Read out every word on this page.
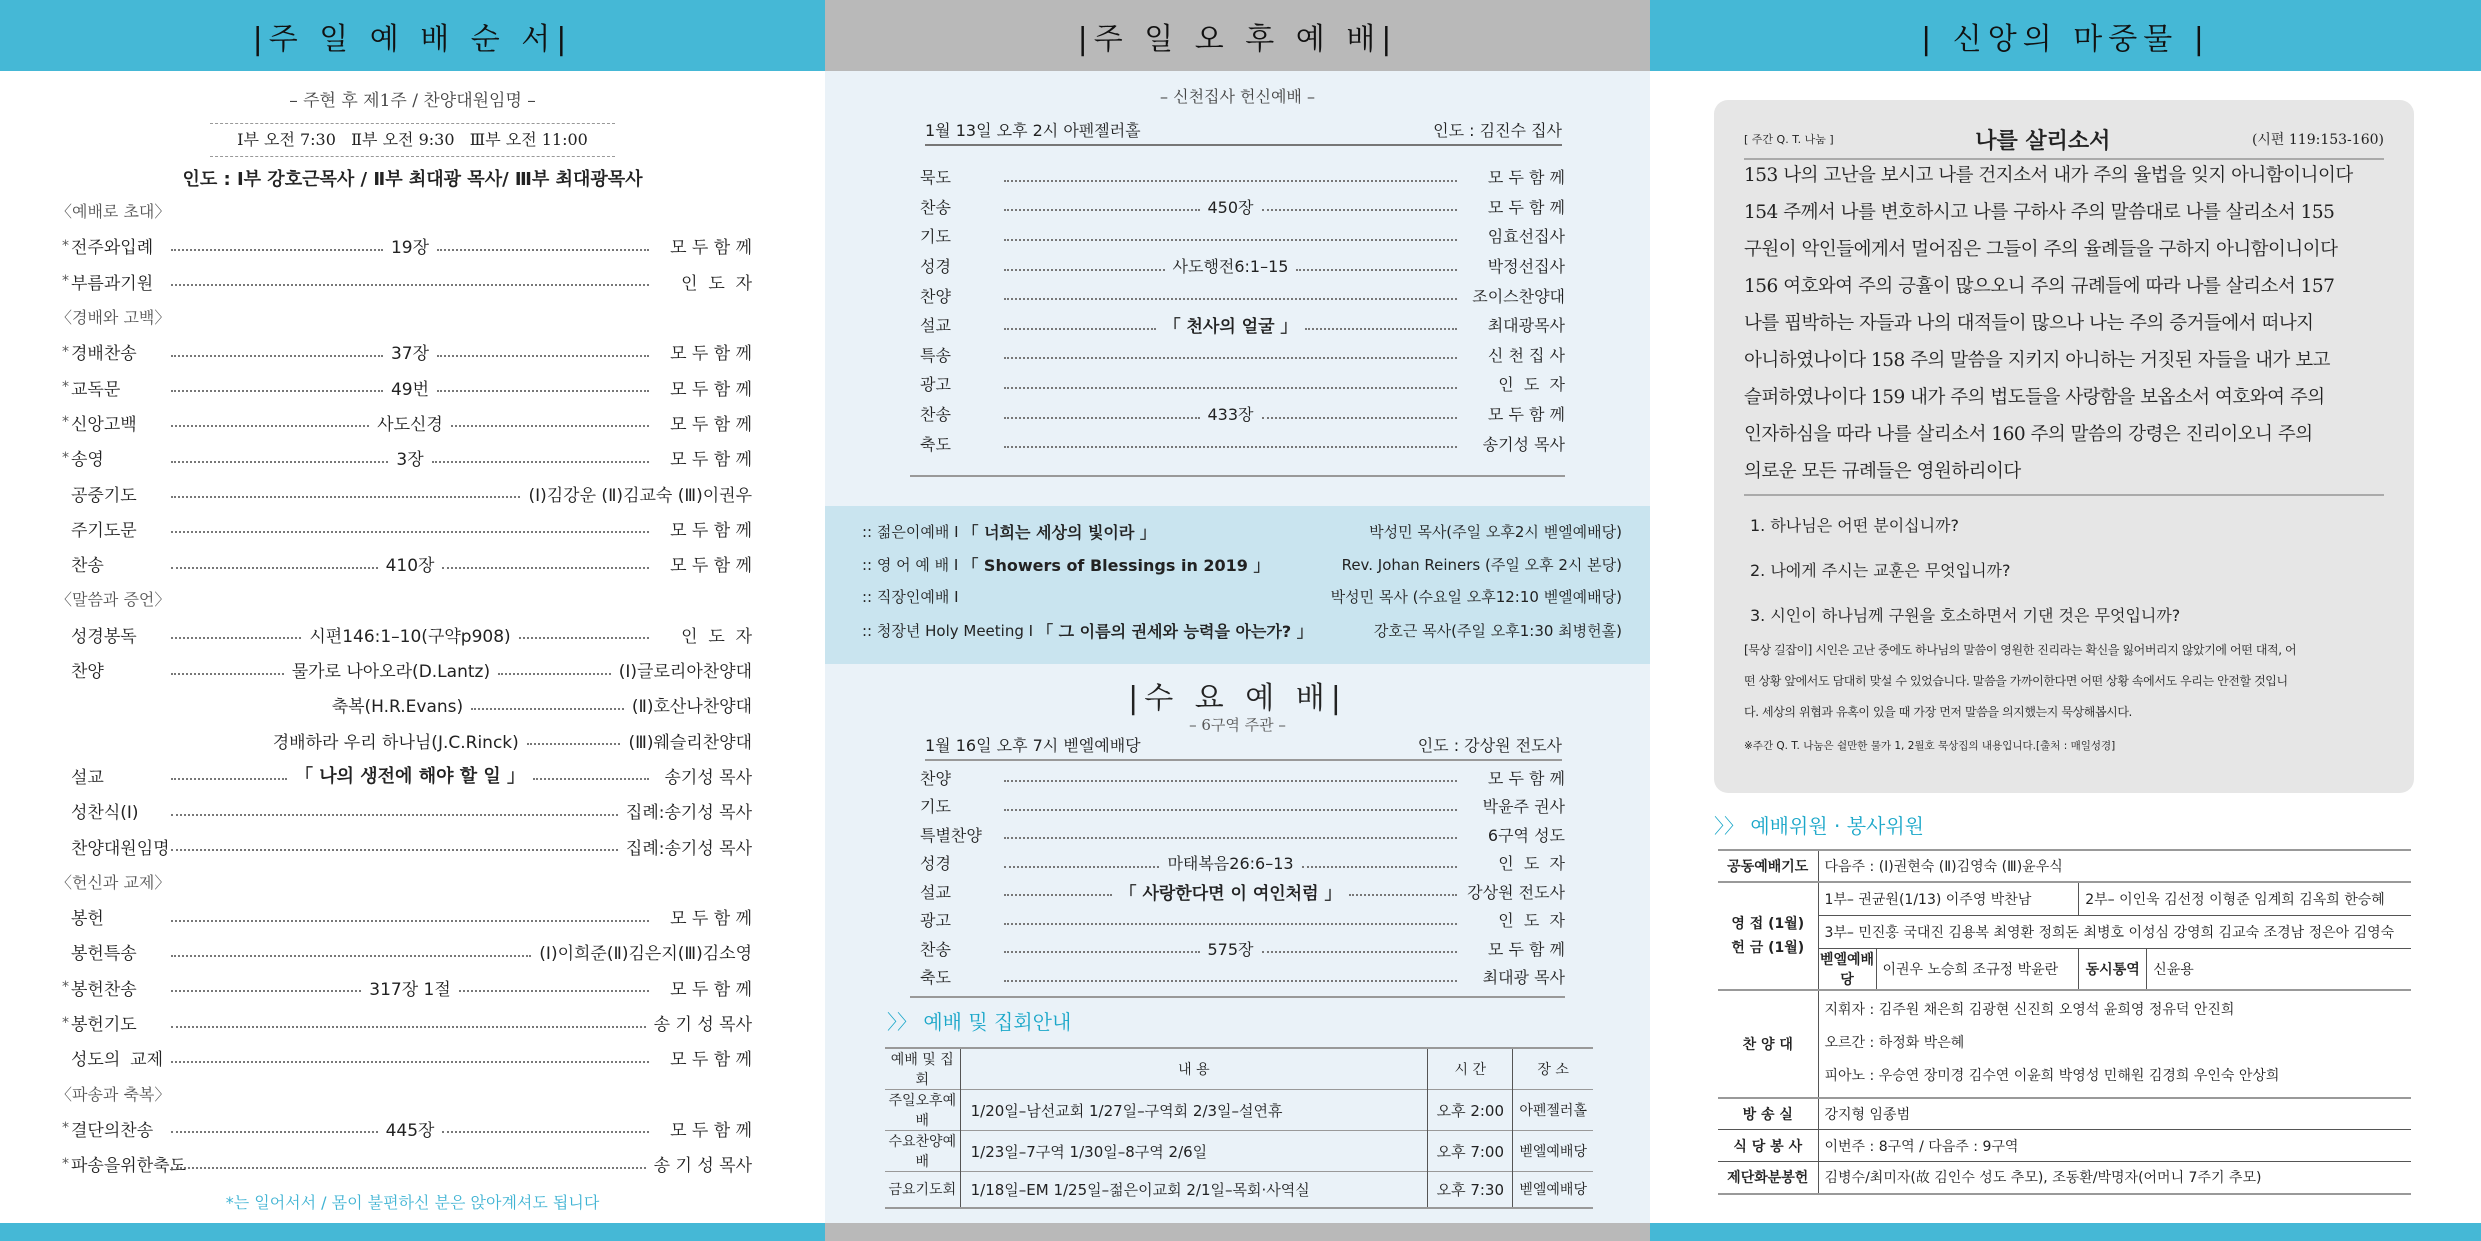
|주 일 예 배 순 서|
– 주현 후 제1주 / 찬양대원임명 –
Ⅰ부 오전 7:30   Ⅱ부 오전 9:30   Ⅲ부 오전 11:00
인도 : Ⅰ부 강호근목사 / Ⅱ부 최대광 목사/ Ⅲ부 최대광목사
〈예배로 초대〉
* 전주와입례	19장	모 두 함 께
* 부름과기원	인  도  자
〈경배와 고백〉
* 경배찬송	37장	모 두 함 께
* 교독문	49번	모 두 함 께
* 신앙고백	사도신경	모 두 함 께
* 송영	3장	모 두 함 께
공중기도	(Ⅰ)김강운 (Ⅱ)김교숙 (Ⅲ)이권우
주기도문	모 두 함 께
찬송	410장	모 두 함 께
〈말씀과 증언〉
성경봉독	시편146:1–10(구약p908)	인  도  자
찬양	물가로 나아오라(D.Lantz)	(Ⅰ)글로리아찬양대
축복(H.R.Evans)	(Ⅱ)호산나찬양대
경배하라 우리 하나님(J.C.Rinck)	(Ⅲ)웨슬리찬양대
설교	「 나의 생전에 해야 할 일 」	송기성 목사
성찬식(I)	집례:송기성 목사
찬양대원임명	집례:송기성 목사
〈헌신과 교제〉
봉헌	모 두 함 께
봉헌특송	(Ⅰ)이희준(Ⅱ)김은지(Ⅲ)김소영
* 봉헌찬송	317장 1절	모 두 함 께
* 봉헌기도	송 기 성 목사
성도의 교제	모 두 함 께
〈파송과 축복〉
* 결단의찬송	445장	모 두 함 께
* 파송을위한축도	송 기 성 목사
*는 일어서서 / 몸이 불편하신 분은 앉아계셔도 됩니다
|주 일 오 후 예 배|
– 신천집사 헌신예배 –
1월 13일 오후 2시 아펜젤러홀	인도 : 김진수 집사
묵도	모 두 함 께
찬송	450장	모 두 함 께
기도	임효선집사
성경	사도행전6:1–15	박정선집사
찬양	조이스찬양대
설교	「 천사의 얼굴 」	최대광목사
특송	신 천 집 사
광고	인  도  자
찬송	433장	모 두 함 께
축도	송기성 목사
:: 젊은이예배 I 「 너희는 세상의 빛이라 」	박성민 목사(주일 오후2시 벧엘예배당)
:: 영 어 예 배 I 「 Showers of Blessings in 2019 」	Rev. Johan Reiners (주일 오후 2시 본당)
:: 직장인예배 I	박성민 목사 (수요일 오후12:10 벧엘예배당)
:: 청장년 Holy Meeting I 「 그 이름의 권세와 능력을 아는가? 」	강호근 목사(주일 오후1:30 최병헌홀)
|수 요 예 배|
– 6구역 주관 –
1월 16일 오후 7시 벧엘예배당	인도 : 강상원 전도사
찬양	모 두 함 께
기도	박윤주 권사
특별찬양	6구역 성도
성경	마태복음26:6–13	인  도  자
설교	「 사랑한다면 이 여인처럼 」	강상원 전도사
광고	인  도  자
찬송	575장	모 두 함 께
축도	최대광 목사
〉〉 예배 및 집회안내
예배 및 집회	내 용	시 간	장 소
주일오후예배	1/20일–남선교회 1/27일–구역회 2/3일–설연휴	오후 2:00	아펜젤러홀
수요찬양예배	1/23일–7구역 1/30일–8구역 2/6일	오후 7:00	벧엘예배당
금요기도회	1/18일–EM 1/25일–젊은이교회 2/1일–목회·사역실	오후 7:30	벧엘예배당
| 신앙의 마중물 |
[ 주간 Q. T. 나눔 ]	나를 살리소서	(시편 119:153-160)
153 나의 고난을 보시고 나를 건지소서 내가 주의 율법을 잊지 아니함이니이다
154 주께서 나를 변호하시고 나를 구하사 주의 말씀대로 나를 살리소서 155
구원이 악인들에게서 멀어짐은 그들이 주의 율례들을 구하지 아니함이니이다
156 여호와여 주의 긍휼이 많으오니 주의 규례들에 따라 나를 살리소서 157
나를 핍박하는 자들과 나의 대적들이 많으나 나는 주의 증거들에서 떠나지
아니하였나이다 158 주의 말씀을 지키지 아니하는 거짓된 자들을 내가 보고
슬퍼하였나이다 159 내가 주의 법도들을 사랑함을 보옵소서 여호와여 주의
인자하심을 따라 나를 살리소서 160 주의 말씀의 강령은 진리이오니 주의
의로운 모든 규례들은 영원하리이다
1. 하나님은 어떤 분이십니까?
2. 나에게 주시는 교훈은 무엇입니까?
3. 시인이 하나님께 구원을 호소하면서 기댄 것은 무엇입니까?
[묵상 길잡이] 시인은 고난 중에도 하나님의 말씀이 영원한 진리라는 확신을 잃어버리지 않았기에 어떤 대적, 어
떤 상황 앞에서도 담대히 맞설 수 있었습니다. 말씀을 가까이한다면 어떤 상황 속에서도 우리는 안전할 것입니
다. 세상의 위협과 유혹이 있을 때 가장 먼저 말씀을 의지했는지 묵상해봅시다.
※주간 Q. T. 나눔은 쉴만한 물가 1, 2월호 묵상집의 내용입니다.[출처 : 매일성경]
〉〉 예배위원 · 봉사위원
공동예배기도	다음주 : (Ⅰ)권현숙 (Ⅱ)김영숙 (Ⅲ)윤우식			

영 접 (1월)
헌 금 (1월)	1부– 권균원(1/13) 이주영 박찬남		2부– 이인욱 김선정 이형준 임계희 김옥희 한승혜	
	3부– 민진홍 국대진 김용복 최영환 정희돈 최병호 이성심 강영희 김교숙 조경남 정은아 김영숙			
	벧엘예배당	이권우 노승희 조규정 박윤란	동시통역	신윤용
찬 양 대	지휘자 : 김주원 채은희 김광현 신진희 오영석 윤희영 정유덕 안진희
오르간 : 하정화 박은혜
피아노 : 우승연 장미경 김수연 이윤희 박영성 민해원 김경희 우인숙 안상희			

방 송 실	강지형 임종범			
식 당 봉 사	이번주 : 8구역 / 다음주 : 9구역			
제단화분봉헌	김병수/최미자(故 김인수 성도 추모), 조동환/박명자(어머니 7주기 추모)			
